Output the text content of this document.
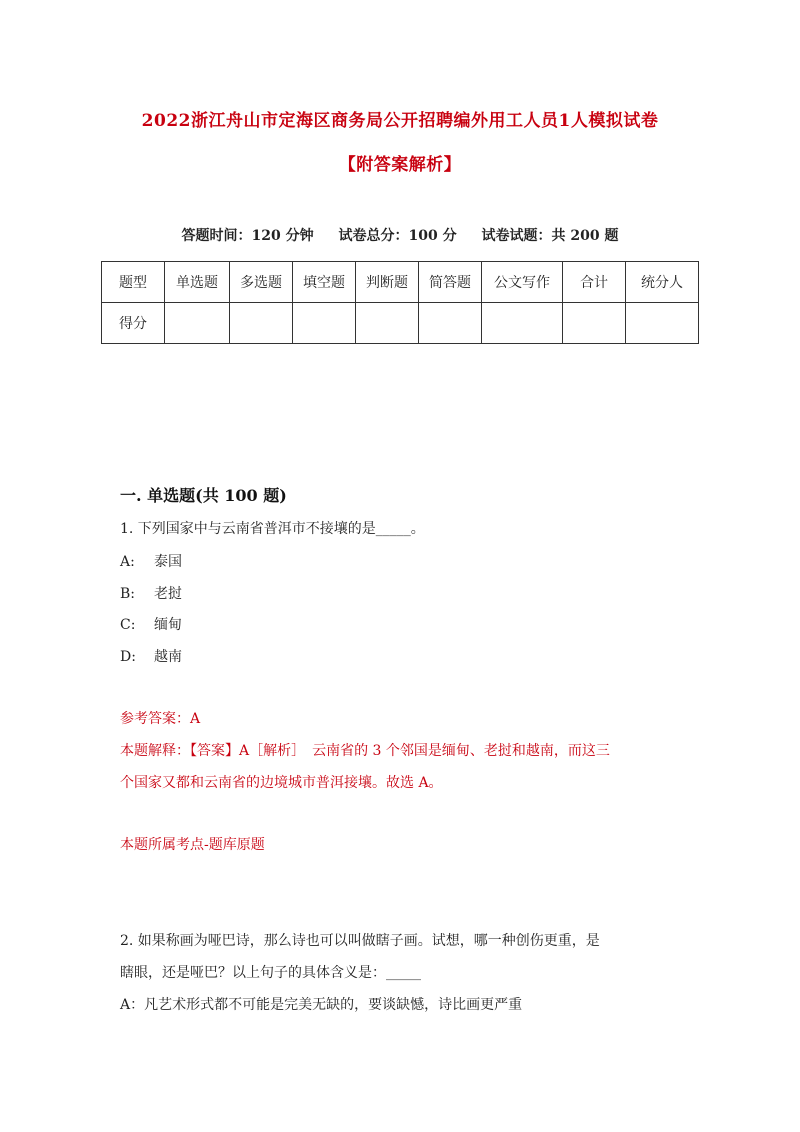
2022浙江舟山市定海区商务局公开招聘编外用工人员1人模拟试卷
【附答案解析】
答题时间：120 分钟 试卷总分：100 分 试卷试题：共 200 题
题型	单选题	多选题	填空题	判断题	简答题	公文写作	合计	统分人
得分								
一. 单选题(共 100 题)
1. 下列国家中与云南省普洱市不接壤的是_____。
A: 泰国
B: 老挝
C: 缅甸
D: 越南
参考答案：A
本题解释：【答案】A［解析］　云南省的 3 个邻国是缅甸、老挝和越南，而这三
个国家又都和云南省的边境城市普洱接壤。故选 A。
本题所属考点-题库原题
2. 如果称画为哑巴诗，那么诗也可以叫做瞎子画。试想，哪一种创伤更重，是
瞎眼，还是哑巴？以上句子的具体含义是：_____
A：凡艺术形式都不可能是完美无缺的，要谈缺憾，诗比画更严重
